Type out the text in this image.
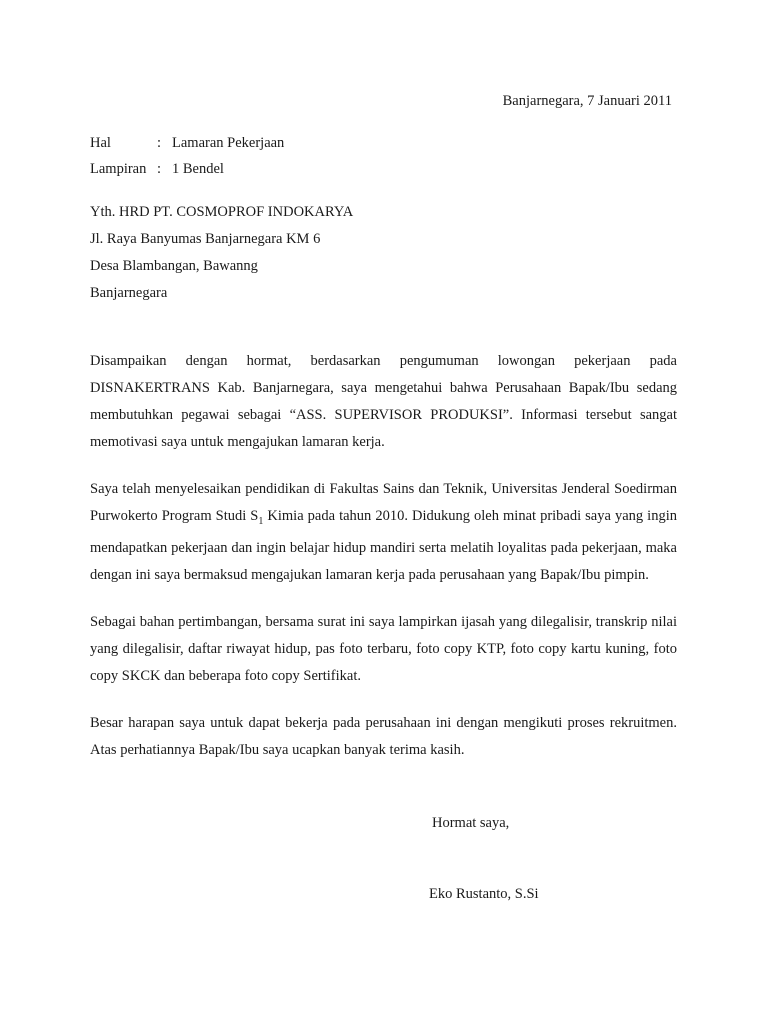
Banjarnegara, 7 Januari 2011
Hal	: Lamaran Pekerjaan
Lampiran : 1 Bendel
Yth. HRD PT. COSMOPROF INDOKARYA
Jl. Raya Banyumas Banjarnegara KM 6
Desa Blambangan, Bawanng
Banjarnegara

Disampaikan dengan hormat, berdasarkan pengumuman lowongan pekerjaan pada DISNAKERTRANS Kab. Banjarnegara, saya mengetahui bahwa Perusahaan Bapak/Ibu sedang membutuhkan pegawai sebagai “ASS. SUPERVISOR PRODUKSI”. Informasi tersebut sangat memotivasi saya untuk mengajukan lamaran kerja.

Saya telah menyelesaikan pendidikan di Fakultas Sains dan Teknik, Universitas Jenderal Soedirman Purwokerto Program Studi $S_1$ Kimia pada tahun 2010. Didukung oleh minat pribadi saya yang ingin mendapatkan pekerjaan dan ingin belajar hidup mandiri serta melatih loyalitas pada pekerjaan, maka dengan ini saya bermaksud mengajukan lamaran kerja pada perusahaan yang Bapak/Ibu pimpin.

Sebagai bahan pertimbangan, bersama surat ini saya lampirkan ijasah yang dilegalisir, transkrip nilai yang dilegalisir, daftar riwayat hidup, pas foto terbaru, foto copy KTP, foto copy kartu kuning, foto copy SKCK dan beberapa foto copy Sertifikat.

Besar harapan saya untuk dapat bekerja pada perusahaan ini dengan mengikuti proses rekruitmen. Atas perhatiannya Bapak/Ibu saya ucapkan banyak terima kasih.

Hormat saya,
Eko Rustanto, S.Si
